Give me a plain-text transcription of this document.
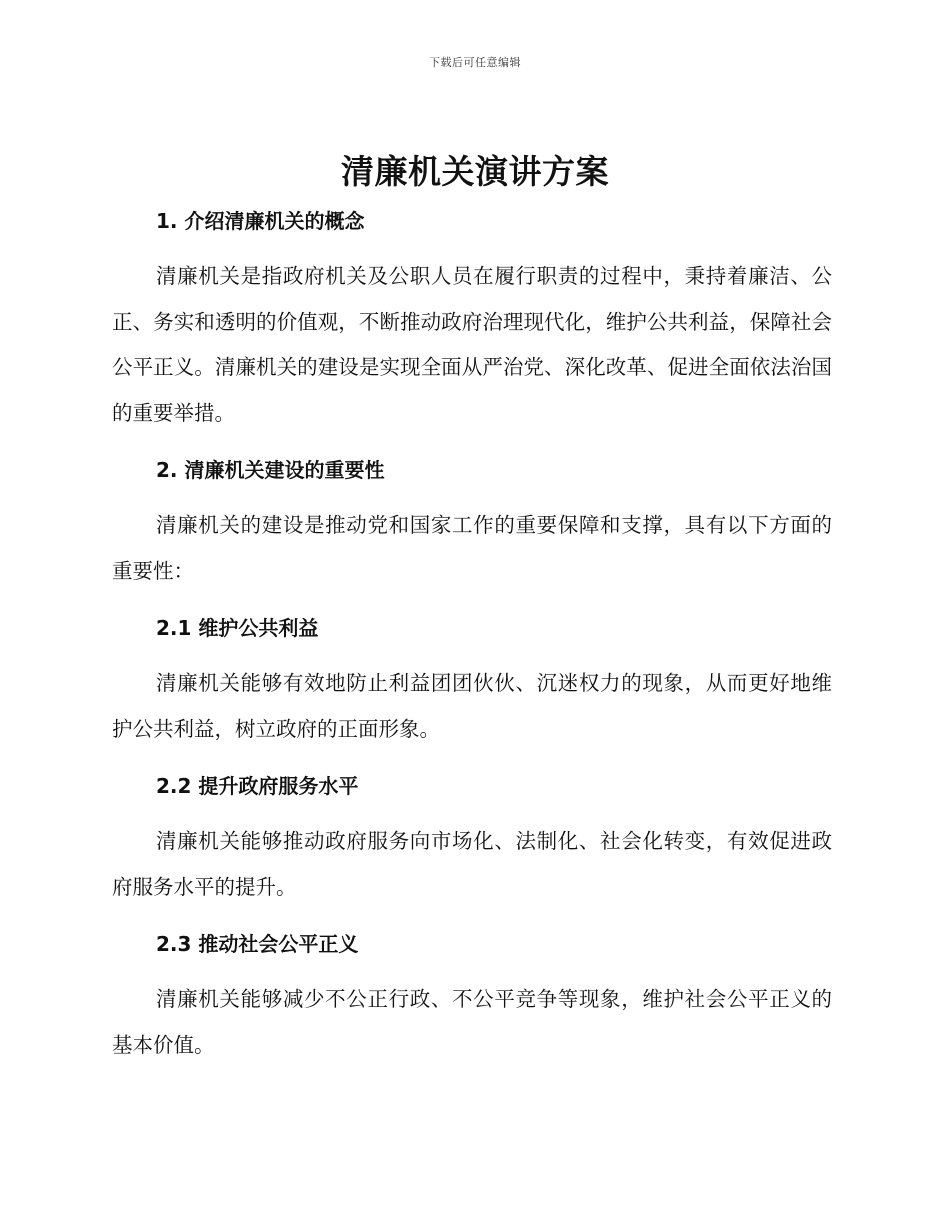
下载后可任意编辑
清廉机关演讲方案
1. 介绍清廉机关的概念

清廉机关是指政府机关及公职人员在履行职责的过程中，秉持着廉洁、公正、务实和透明的价值观，不断推动政府治理现代化，维护公共利益，保障社会公平正义。清廉机关的建设是实现全面从严治党、深化改革、促进全面依法治国的重要举措。

2. 清廉机关建设的重要性

清廉机关的建设是推动党和国家工作的重要保障和支撑，具有以下方面的重要性：

2.1 维护公共利益

清廉机关能够有效地防止利益团团伙伙、沉迷权力的现象，从而更好地维护公共利益，树立政府的正面形象。

2.2 提升政府服务水平

清廉机关能够推动政府服务向市场化、法制化、社会化转变，有效促进政府服务水平的提升。

2.3 推动社会公平正义

清廉机关能够减少不公正行政、不公平竞争等现象，维护社会公平正义的基本价值。
